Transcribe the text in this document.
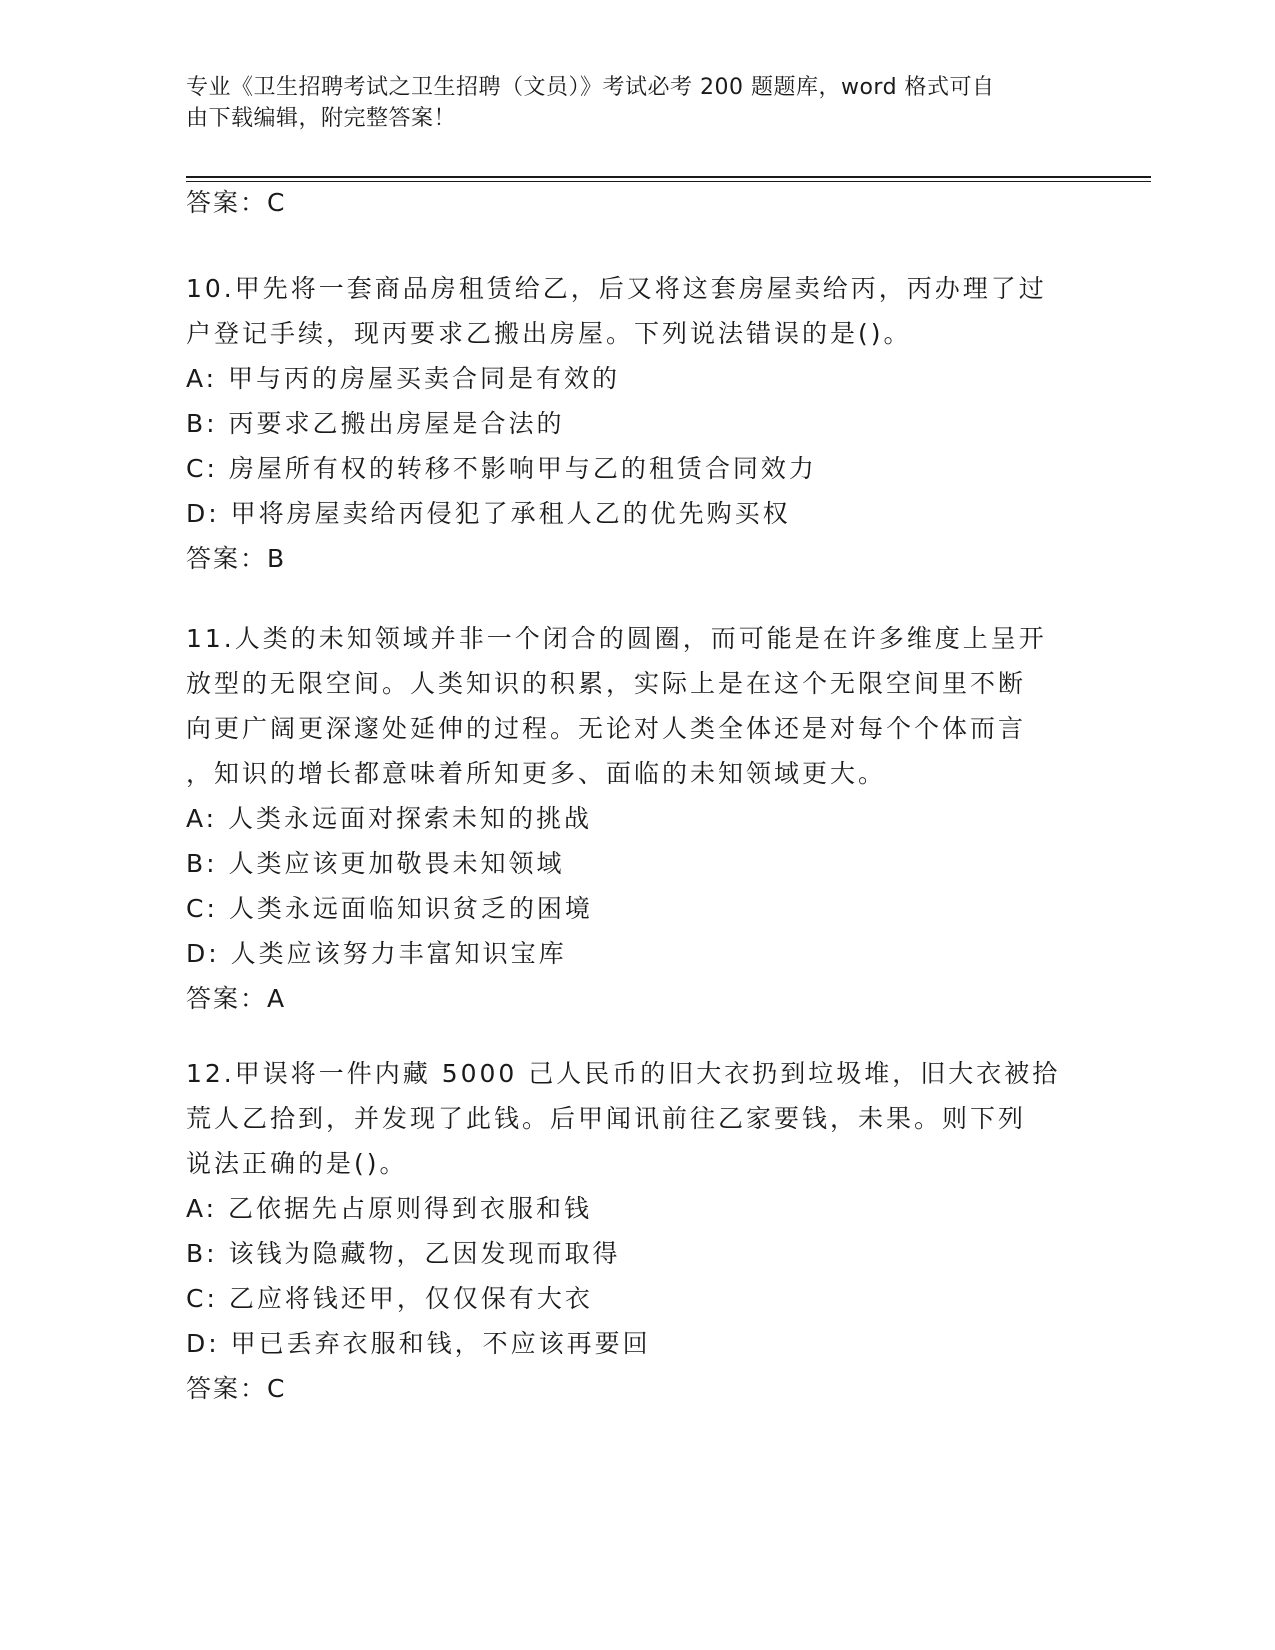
专业《卫生招聘考试之卫生招聘（文员）》考试必考 200 题题库，word 格式可自
由下载编辑，附完整答案！
答案：C
10.甲先将一套商品房租赁给乙，后又将这套房屋卖给丙，丙办理了过
户登记手续，现丙要求乙搬出房屋。下列说法错误的是()。
A: 甲与丙的房屋买卖合同是有效的
B: 丙要求乙搬出房屋是合法的
C: 房屋所有权的转移不影响甲与乙的租赁合同效力
D: 甲将房屋卖给丙侵犯了承租人乙的优先购买权
答案：B
11.人类的未知领域并非一个闭合的圆圈，而可能是在许多维度上呈开
放型的无限空间。人类知识的积累，实际上是在这个无限空间里不断
向更广阔更深邃处延伸的过程。无论对人类全体还是对每个个体而言
，知识的增长都意味着所知更多、面临的未知领域更大。
A: 人类永远面对探索未知的挑战
B: 人类应该更加敬畏未知领域
C: 人类永远面临知识贫乏的困境
D: 人类应该努力丰富知识宝库
答案：A
12.甲误将一件内藏 5000 己人民币的旧大衣扔到垃圾堆，旧大衣被拾
荒人乙拾到，并发现了此钱。后甲闻讯前往乙家要钱，未果。则下列
说法正确的是()。
A: 乙依据先占原则得到衣服和钱
B: 该钱为隐藏物，乙因发现而取得
C: 乙应将钱还甲，仅仅保有大衣
D: 甲已丢弃衣服和钱，不应该再要回
答案：C
